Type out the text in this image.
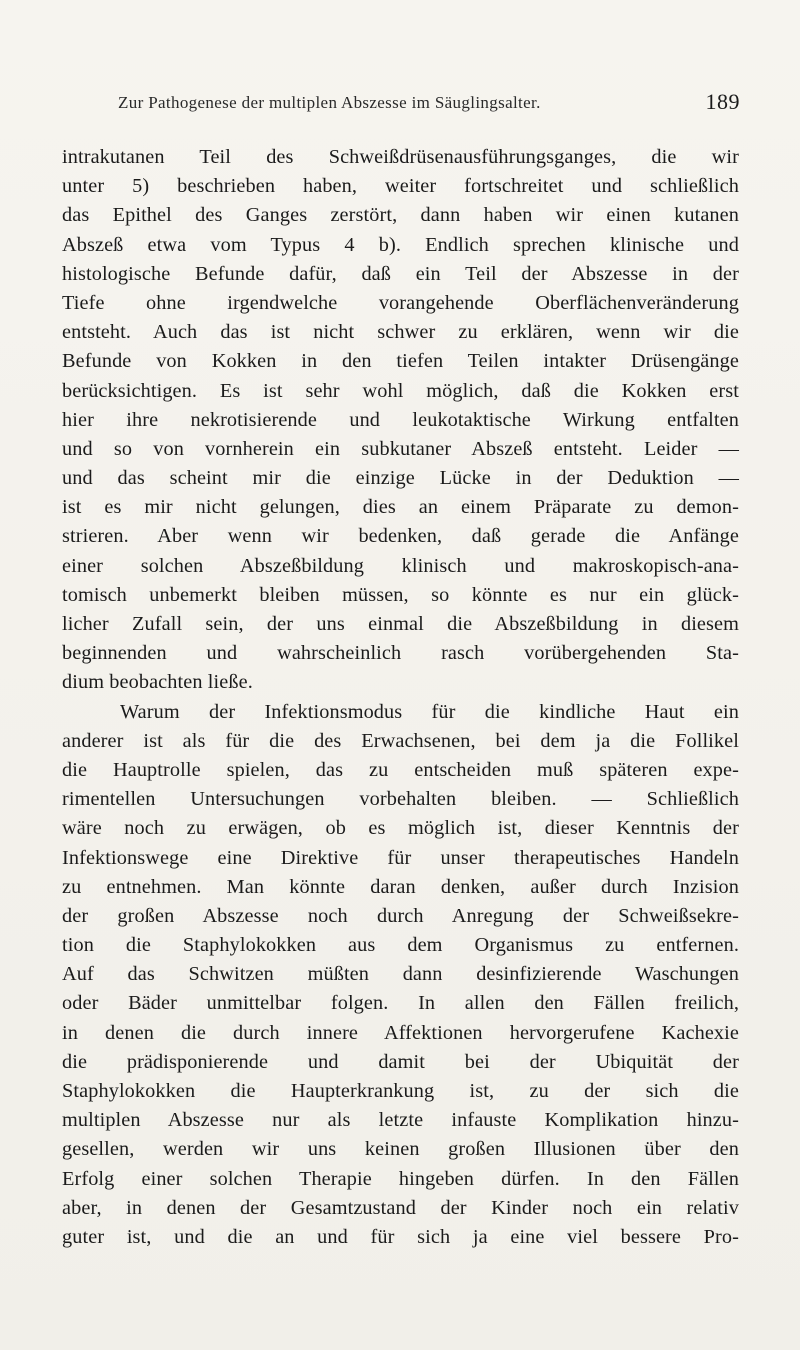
Zur Pathogenese der multiplen Abszesse im Säuglingsalter.	189
intrakutanen Teil des Schweißdrüsenausführungsganges, die wir
unter 5) beschrieben haben, weiter fortschreitet und schließlich
das Epithel des Ganges zerstört, dann haben wir einen kutanen
Abszeß etwa vom Typus 4 b). Endlich sprechen klinische und
histologische Befunde dafür, daß ein Teil der Abszesse in der
Tiefe ohne irgendwelche vorangehende Oberflächenveränderung
entsteht. Auch das ist nicht schwer zu erklären, wenn wir die
Befunde von Kokken in den tiefen Teilen intakter Drüsengänge
berücksichtigen. Es ist sehr wohl möglich, daß die Kokken erst
hier ihre nekrotisierende und leukotaktische Wirkung entfalten
und so von vornherein ein subkutaner Abszeß entsteht. Leider —
und das scheint mir die einzige Lücke in der Deduktion —
ist es mir nicht gelungen, dies an einem Präparate zu demon-
strieren. Aber wenn wir bedenken, daß gerade die Anfänge
einer solchen Abszeßbildung klinisch und makroskopisch-ana-
tomisch unbemerkt bleiben müssen, so könnte es nur ein glück-
licher Zufall sein, der uns einmal die Abszeßbildung in diesem
beginnenden und wahrscheinlich rasch vorübergehenden Sta-
dium beobachten ließe.
Warum der Infektionsmodus für die kindliche Haut ein
anderer ist als für die des Erwachsenen, bei dem ja die Follikel
die Hauptrolle spielen, das zu entscheiden muß späteren expe-
rimentellen Untersuchungen vorbehalten bleiben. — Schließlich
wäre noch zu erwägen, ob es möglich ist, dieser Kenntnis der
Infektionswege eine Direktive für unser therapeutisches Handeln
zu entnehmen. Man könnte daran denken, außer durch Inzision
der großen Abszesse noch durch Anregung der Schweißsekre-
tion die Staphylokokken aus dem Organismus zu entfernen.
Auf das Schwitzen müßten dann desinfizierende Waschungen
oder Bäder unmittelbar folgen. In allen den Fällen freilich,
in denen die durch innere Affektionen hervorgerufene Kachexie
die prädisponierende und damit bei der Ubiquität der
Staphylokokken die Haupterkrankung ist, zu der sich die
multiplen Abszesse nur als letzte infauste Komplikation hinzu-
gesellen, werden wir uns keinen großen Illusionen über den
Erfolg einer solchen Therapie hingeben dürfen. In den Fällen
aber, in denen der Gesamtzustand der Kinder noch ein relativ
guter ist, und die an und für sich ja eine viel bessere Pro-
